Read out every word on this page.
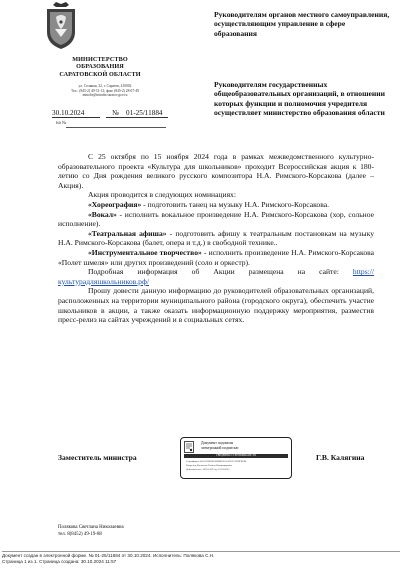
МИНИСТЕРСТВО
ОБРАЗОВАНИЯ
САРАТОВСКОЙ ОБЛАСТИ
ул. Соляная, 32, г. Саратов, 410002
Тел.: (845-2) 49-31-12; факс (845-2) 28-67-49
minobr@minobr.saratov.gov.ru
30.10.2024	№ 01-25/11884
на №
Руководителям органов местного самоуправления, осуществляющим управление в сфере образования
Руководителям государственных общеобразовательных организаций, в отношении которых функции и полномочия учредителя осуществляет министерство образования области

С 25 октября по 15 ноября 2024 года в рамках межведомственного культурно-образовательного проекта «Культура для школьников» проходит Всероссийская акция к 180-летию со Дня рождения великого русского композитора Н.А. Римского-Корсакова (далее – Акция).

Акция проводится в следующих номинациях:

«Хореография» - подготовить танец на музыку Н.А. Римского-Корсакова.

«Вокал» - исполнить вокальное произведение Н.А. Римского-Корсакова (хор, сольное исполнение).

«Театральная афиша» - подготовить афишу к театральным постановкам на музыку Н.А. Римского-Корсакова (балет, опера и т.д.) в свободной технике..

«Инструментальное творчество» - исполнить произведение Н.А. Римского-Корсакова «Полет шмеля» или других произведений (соло и оркестр).

Подробная информация об Акции размещена на сайте: https://культурадляшкольников.рф/

Прошу довести данную информацию до руководителей образовательных организаций, расположенных на территории муниципального района (городского округа), обеспечить участие школьников в акции, а также оказать информационную поддержку мероприятия, разместив пресс-релиз на сайтах учреждений и в социальных сетях.

Заместитель министра	Г.В. Калягина
Документ подписан
электронной подписью
СВЕДЕНИЯ О СЕРТИФИКАТЕ ЭП
Сертификат: 00A9A9ED8CD986D76A022E2718F8F8C84
Владелец: Калягина Галина Владимировна
Действителен с 09.10.2023 до 27.03.2025
Полякова Светлана Николаевна
тел. 8(8452) 49-19-88
Документ создан в электронной форме. № 01-25/11884 от 30.10.2024. Исполнитель: Полякова С.Н.
Страница 1 из 1. Страница создана: 30.10.2024 11:57
